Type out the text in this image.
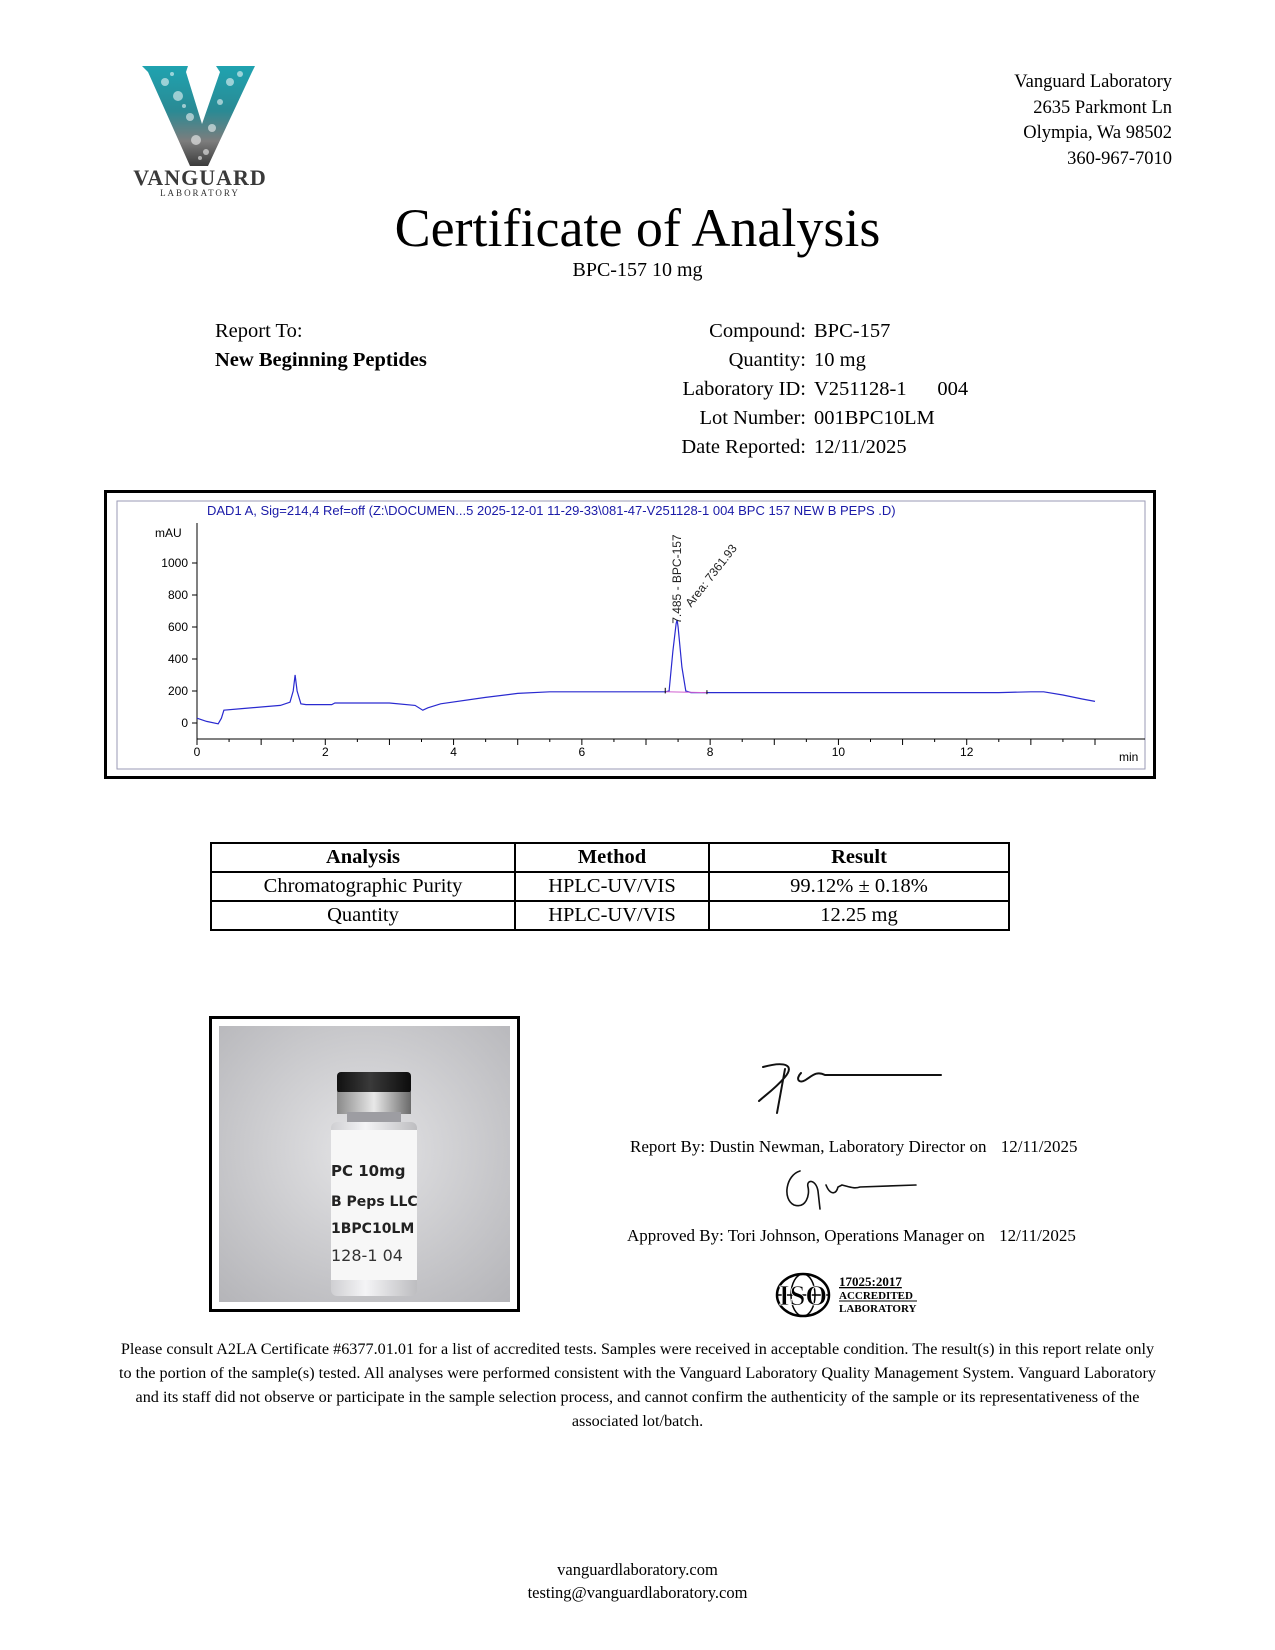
VANGUARD
LABORATORY
Vanguard Laboratory
2635 Parkmont Ln
Olympia, Wa 98502
360-967-7010
Certificate of Analysis
BPC-157 10 mg
Report To:
New Beginning Peptides
Compound: BPC-157
Quantity: 10 mg
Laboratory ID: V251128-1      004
Lot Number: 001BPC10LM
Date Reported: 12/11/2025
DAD1 A, Sig=214,4 Ref=off (Z:\DOCUMEN...5 2025-12-01 11-29-33\081-47-V251128-1 004 BPC 157 NEW B PEPS .D)
mAU
min
0
200
400
600
800
1000
0	2	4	6	8	10	12
7.485 - BPC-157
Area: 7361.93
Analysis	Method	Result
Chromatographic Purity	HPLC-UV/VIS	99.12% ± 0.18%
Quantity	HPLC-UV/VIS	12.25 mg
PC 10mg
B Peps LLC
1BPC10LM
128-1 04
Report By: Dustin Newman, Laboratory Director on 12/11/2025
Approved By: Tori Johnson, Operations Manager on 12/11/2025
ISO 17025:2017
ACCREDITED
LABORATORY
Please consult A2LA Certificate #6377.01.01 for a list of accredited tests. Samples were received in acceptable condition. The result(s) in this report relate only to the portion of the sample(s) tested. All analyses were performed consistent with the Vanguard Laboratory Quality Management System. Vanguard Laboratory and its staff did not observe or participate in the sample selection process, and cannot confirm the authenticity of the sample or its representativeness of the associated lot/batch.
vanguardlaboratory.com
testing@vanguardlaboratory.com
